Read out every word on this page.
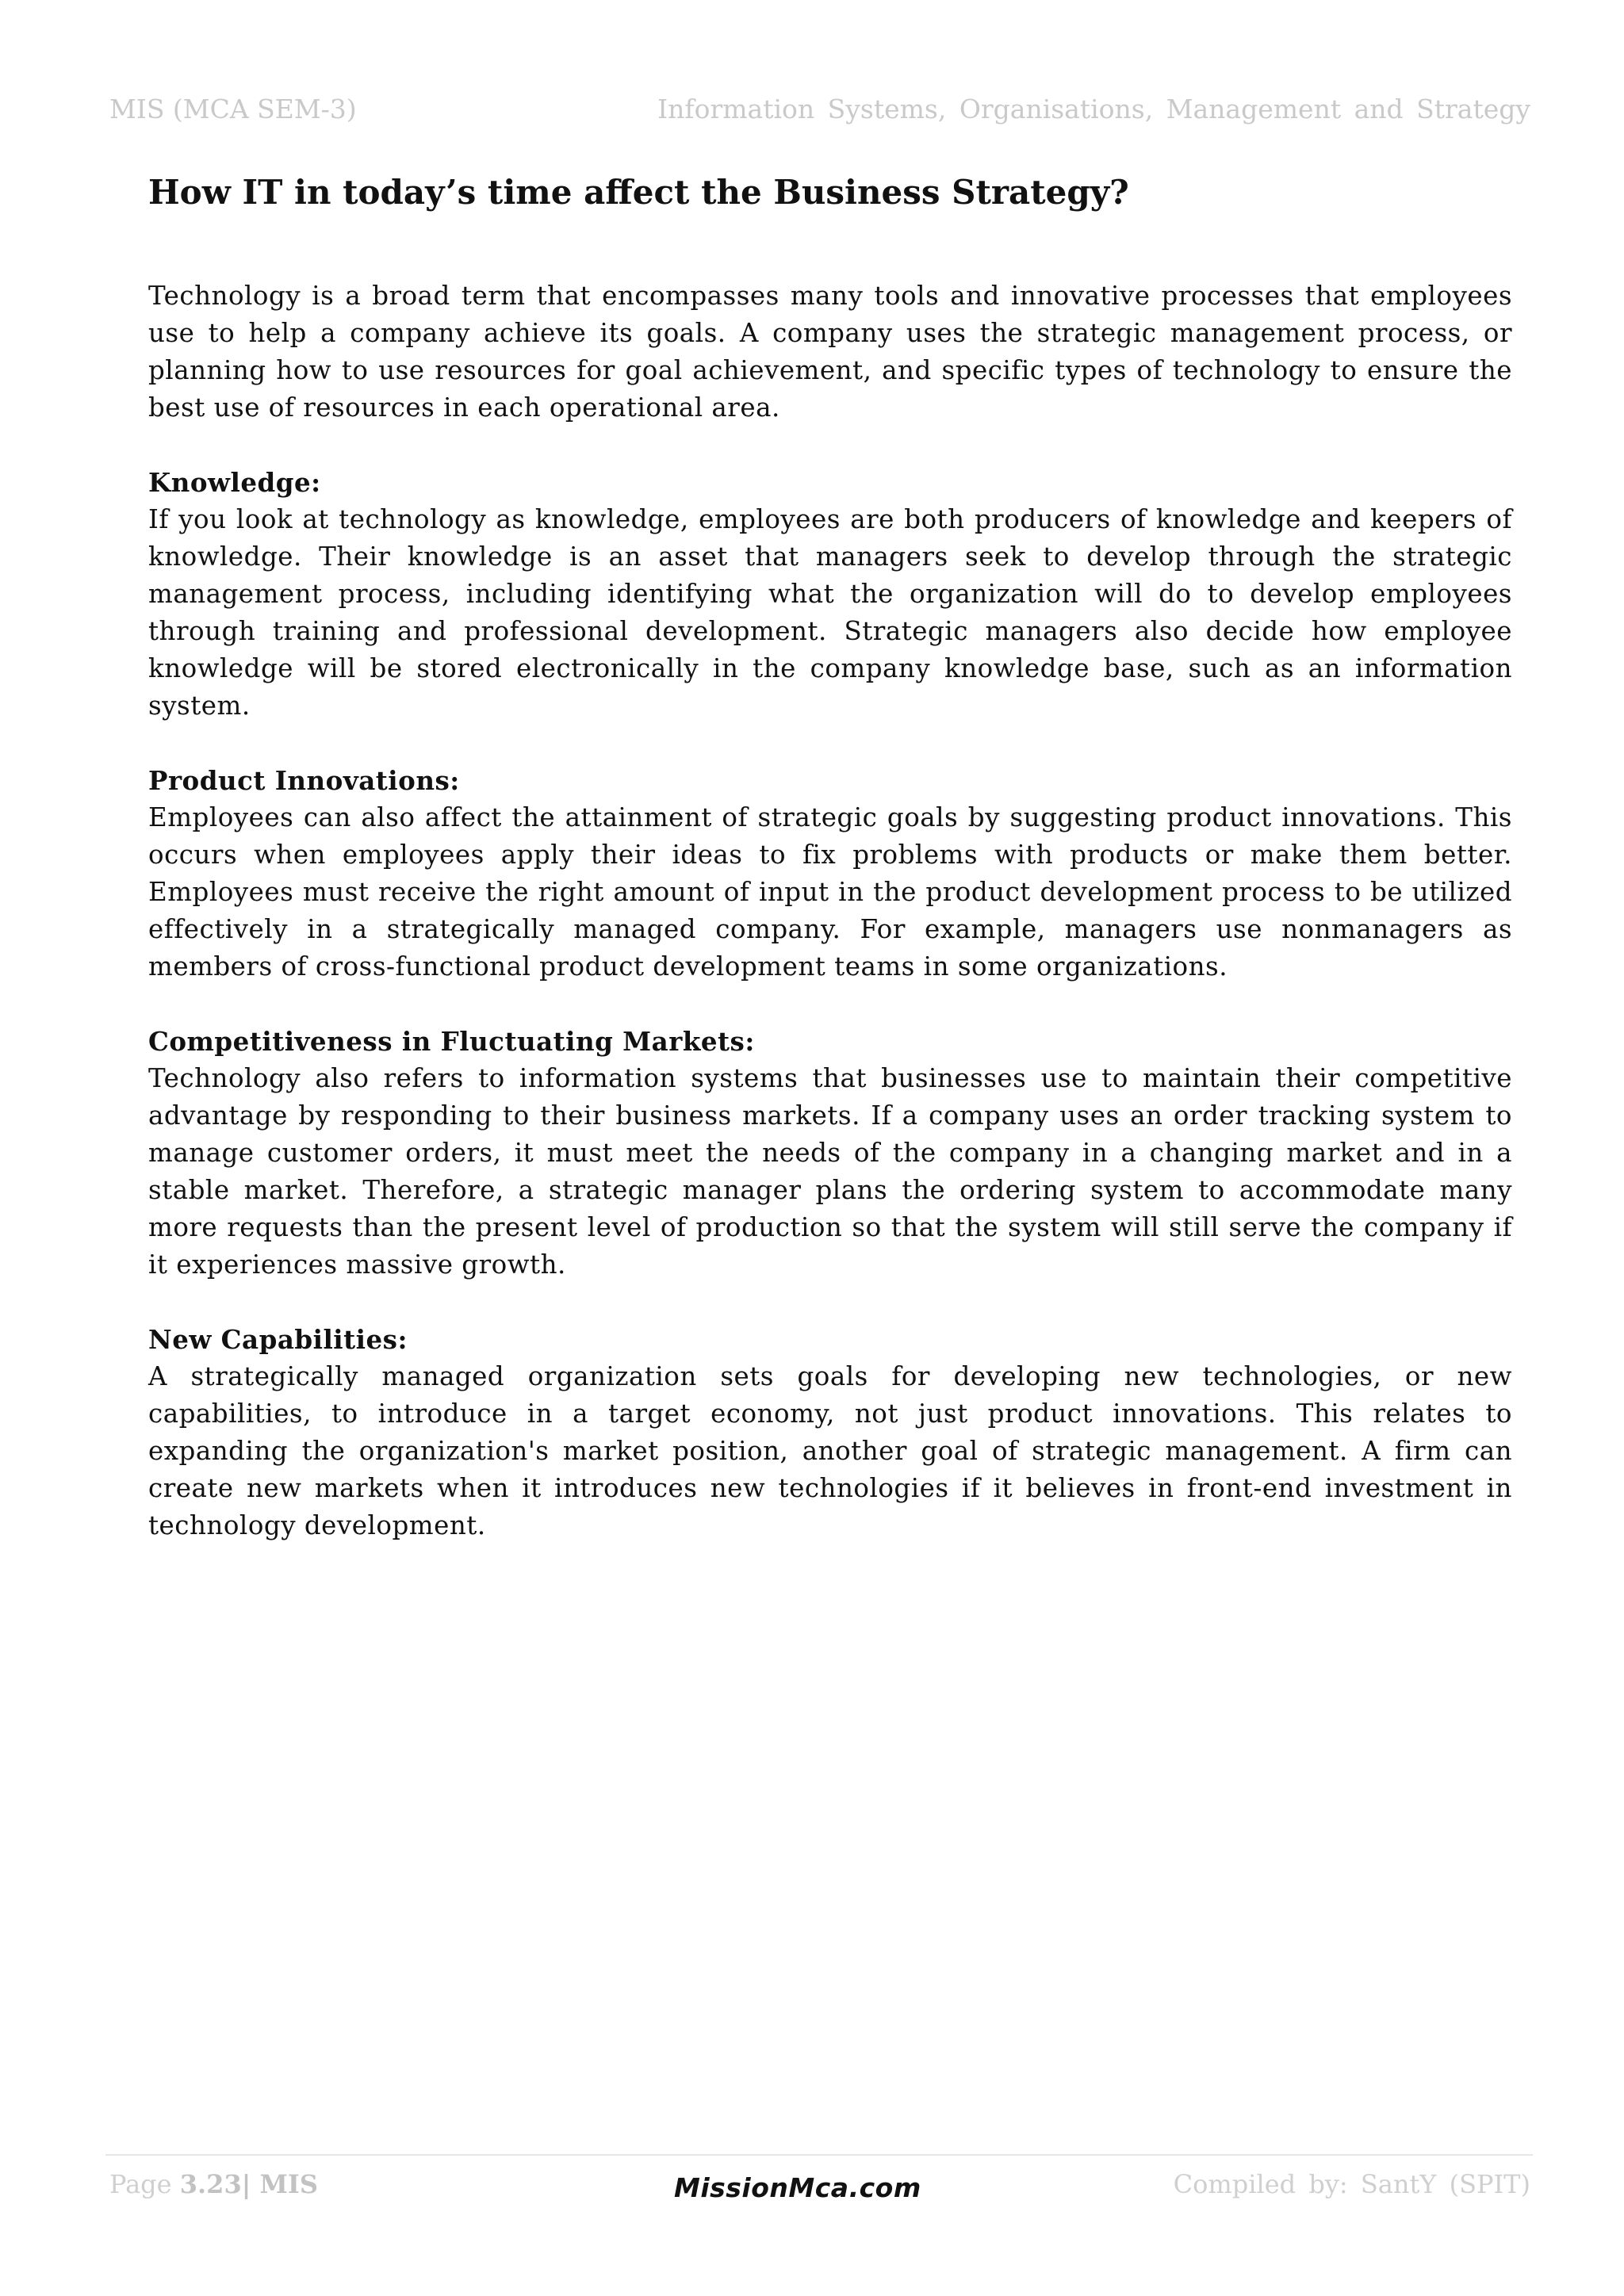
MIS (MCA SEM-3)	Information Systems, Organisations, Management and Strategy
How IT in today’s time affect the Business Strategy?

Technology is a broad term that encompasses many tools and innovative processes that employees use to help a company achieve its goals. A company uses the strategic management process, or planning how to use resources for goal achievement, and specific types of technology to ensure the best use of resources in each operational area.

Knowledge:

If you look at technology as knowledge, employees are both producers of knowledge and keepers of knowledge. Their knowledge is an asset that managers seek to develop through the strategic management process, including identifying what the organization will do to develop employees through training and professional development. Strategic managers also decide how employee knowledge will be stored electronically in the company knowledge base, such as an information system.

Product Innovations:

Employees can also affect the attainment of strategic goals by suggesting product innovations. This occurs when employees apply their ideas to fix problems with products or make them better. Employees must receive the right amount of input in the product development process to be utilized effectively in a strategically managed company. For example, managers use nonmanagers as members of cross-functional product development teams in some organizations.

Competitiveness in Fluctuating Markets:

Technology also refers to information systems that businesses use to maintain their competitive advantage by responding to their business markets. If a company uses an order tracking system to manage customer orders, it must meet the needs of the company in a changing market and in a stable market. Therefore, a strategic manager plans the ordering system to accommodate many more requests than the present level of production so that the system will still serve the company if it experiences massive growth.

New Capabilities:

A strategically managed organization sets goals for developing new technologies, or new capabilities, to introduce in a target economy, not just product innovations. This relates to expanding the organization's market position, another goal of strategic management. A firm can create new markets when it introduces new technologies if it believes in front-end investment in technology development.

Page 3.23| MIS	MissionMca.com	Compiled by: SantY (SPIT)
